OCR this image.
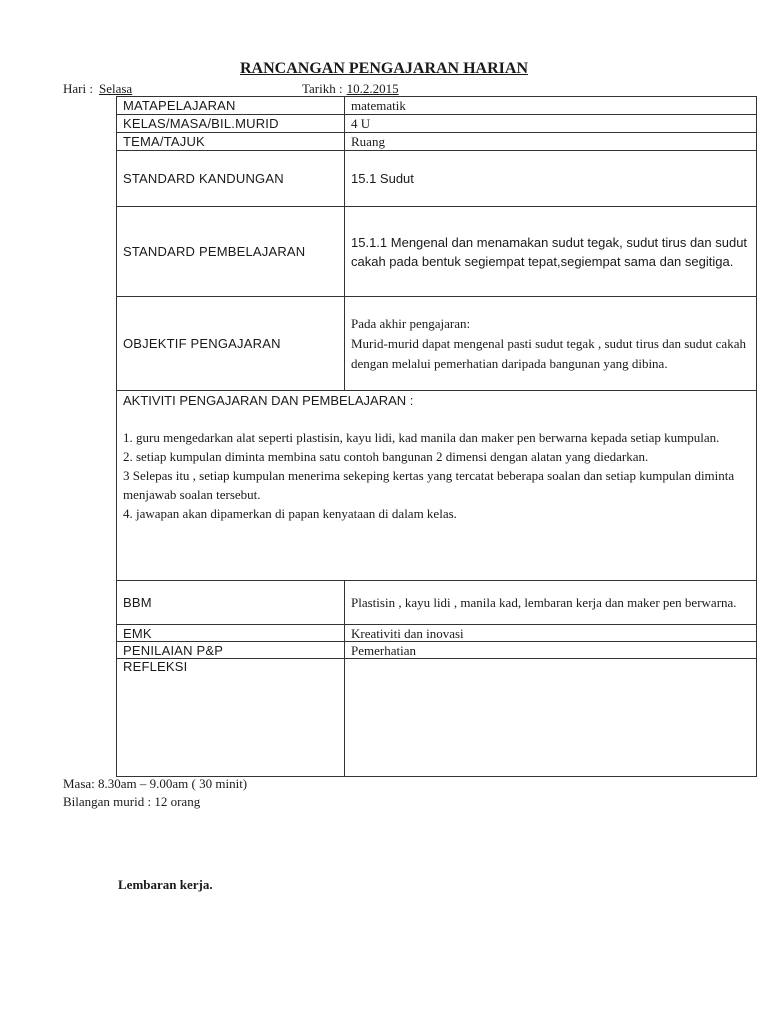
RANCANGAN PENGAJARAN HARIAN
Hari : Selasa	Tarikh : 10.2.2015
MATAPELAJARAN	matematik
KELAS/MASA/BIL.MURID	4 U
TEMA/TAJUK	Ruang
STANDARD KANDUNGAN	15.1 Sudut
STANDARD PEMBELAJARAN	15.1.1 Mengenal dan menamakan sudut tegak, sudut tirus dan sudut cakah pada bentuk segiempat tepat,segiempat sama dan segitiga.
OBJEKTIF PENGAJARAN	Pada akhir pengajaran:
Murid-murid dapat mengenal pasti sudut tegak , sudut tirus dan sudut cakah dengan melalui pemerhatian daripada bangunan yang dibina.

AKTIVITI PENGAJARAN DAN PEMBELAJARAN :
1. guru mengedarkan alat seperti plastisin, kayu lidi, kad manila dan maker pen berwarna kepada setiap kumpulan.
2. setiap kumpulan diminta membina satu contoh bangunan 2 dimensi dengan alatan yang diedarkan.
3 Selepas itu , setiap kumpulan menerima sekeping kertas yang tercatat beberapa soalan dan setiap kumpulan diminta menjawab soalan tersebut.
4. jawapan akan dipamerkan di papan kenyataan di dalam kelas.	

BBM	Plastisin , kayu lidi , manila kad, lembaran kerja dan maker pen berwarna.
EMK	Kreativiti dan inovasi
PENILAIAN P&P	Pemerhatian
REFLEKSI	
Masa: 8.30am – 9.00am ( 30 minit)
Bilangan murid : 12 orang
Lembaran kerja.
